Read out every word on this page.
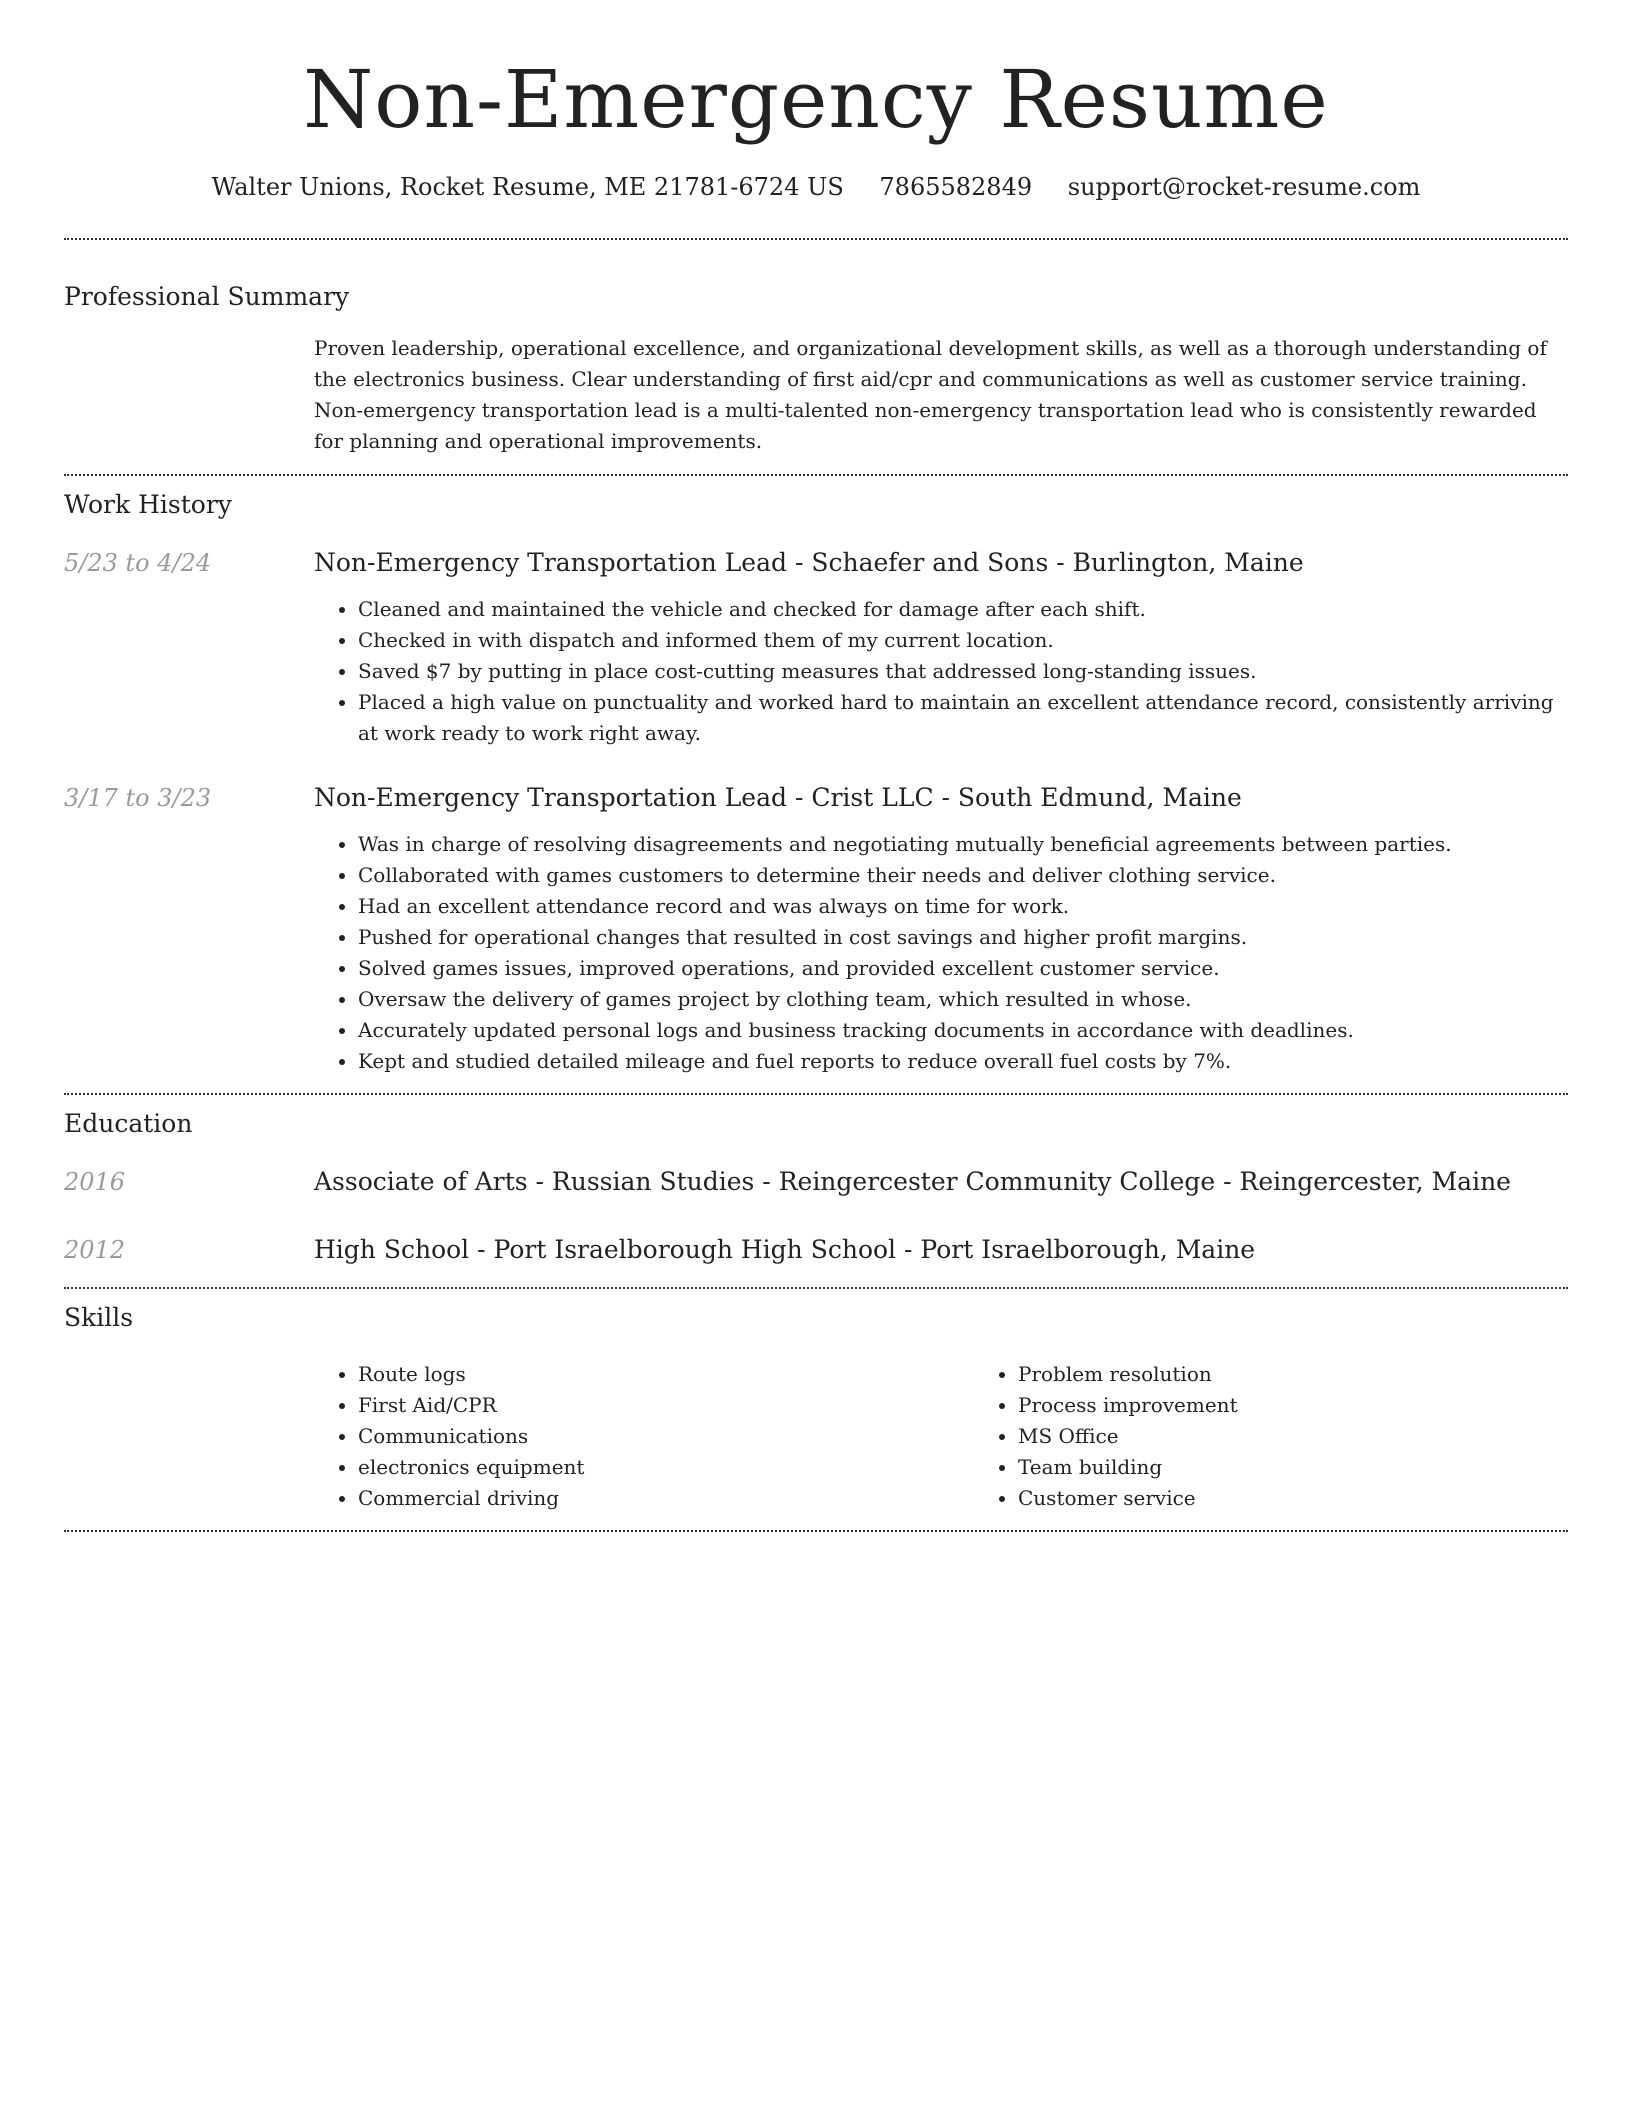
Non-Emergency Resume
Walter Unions, Rocket Resume, ME 21781-6724 US 7865582849 support@rocket-resume.com
Professional Summary

Proven leadership, operational excellence, and organizational development skills, as well as a thorough understanding of the electronics business. Clear understanding of first aid/cpr and communications as well as customer service training. Non-emergency transportation lead is a multi-talented non-emergency transportation lead who is consistently rewarded for planning and operational improvements.

Work History
5/23 to 4/24	Non-Emergency Transportation Lead - Schaefer and Sons - Burlington, Maine
• Cleaned and maintained the vehicle and checked for damage after each shift.
• Checked in with dispatch and informed them of my current location.
• Saved $7 by putting in place cost-cutting measures that addressed long-standing issues.
• Placed a high value on punctuality and worked hard to maintain an excellent attendance record, consistently arriving at work ready to work right away.
3/17 to 3/23	Non-Emergency Transportation Lead - Crist LLC - South Edmund, Maine
• Was in charge of resolving disagreements and negotiating mutually beneficial agreements between parties.
• Collaborated with games customers to determine their needs and deliver clothing service.
• Had an excellent attendance record and was always on time for work.
• Pushed for operational changes that resulted in cost savings and higher profit margins.
• Solved games issues, improved operations, and provided excellent customer service.
• Oversaw the delivery of games project by clothing team, which resulted in whose.
• Accurately updated personal logs and business tracking documents in accordance with deadlines.
• Kept and studied detailed mileage and fuel reports to reduce overall fuel costs by 7%.
Education
2016	Associate of Arts - Russian Studies - Reingercester Community College - Reingercester, Maine
2012	High School - Port Israelborough High School - Port Israelborough, Maine
Skills
• Route logs
• First Aid/CPR
• Communications
• electronics equipment
• Commercial driving
• Problem resolution
• Process improvement
• MS Office
• Team building
• Customer service
